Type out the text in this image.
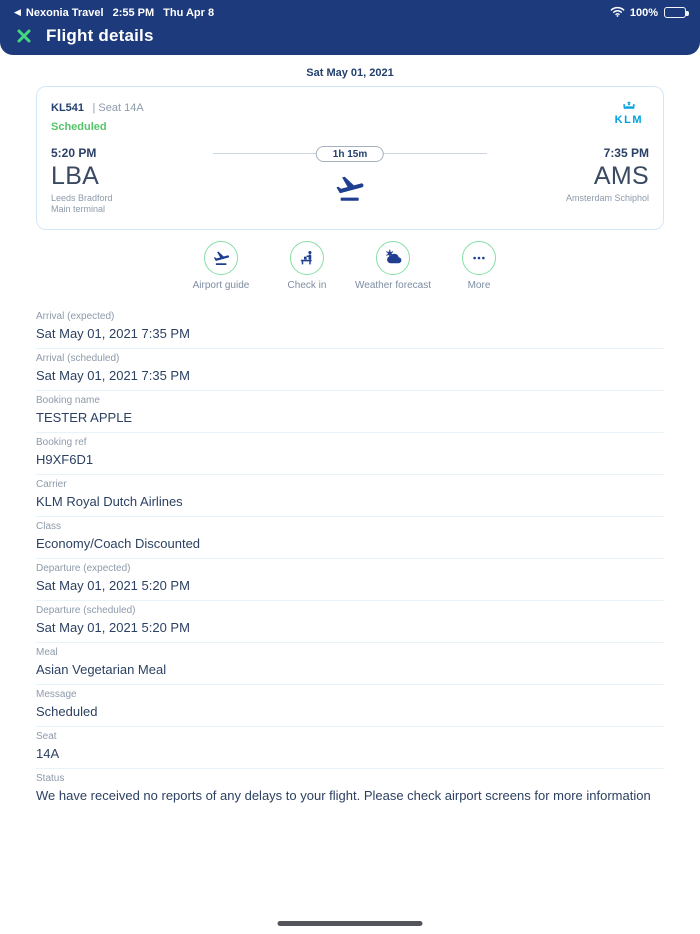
◀ Nexonia Travel 2:55 PM Thu Apr 8	100%
Flight details
Sat May 01, 2021
KL541 | Seat 14A
Scheduled
KLM
5:20 PM
LBA
Leeds Bradford
Main terminal
1h 15m	7:35 PM
AMS
Amsterdam Schiphol
Airport guide	Check in	Weather forecast	More
Arrival (expected)
Sat May 01, 2021 7:35 PM
Arrival (scheduled)
Sat May 01, 2021 7:35 PM
Booking name
TESTER APPLE
Booking ref
H9XF6D1
Carrier
KLM Royal Dutch Airlines
Class
Economy/Coach Discounted
Departure (expected)
Sat May 01, 2021 5:20 PM
Departure (scheduled)
Sat May 01, 2021 5:20 PM
Meal
Asian Vegetarian Meal
Message
Scheduled
Seat
14A
Status
We have received no reports of any delays to your flight. Please check airport screens for more information
